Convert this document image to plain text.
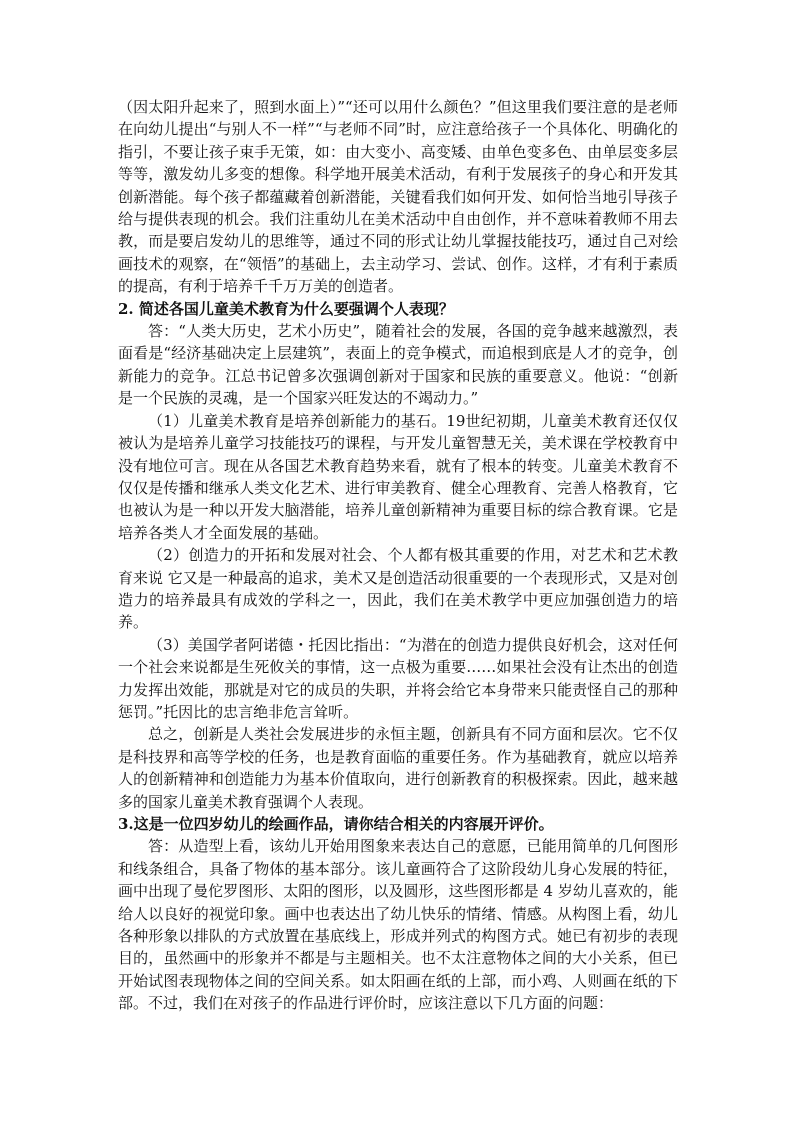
（因太阳升起来了，照到水面上）”“还可以用什么颜色？”但这里我们要注意的是老师在向幼儿提出“与别人不一样”“与老师不同”时，应注意给孩子一个具体化、明确化的指引，不要让孩子束手无策，如：由大变小、高变矮、由单色变多色、由单层变多层等等，激发幼儿多变的想像。科学地开展美术活动，有利于发展孩子的身心和开发其创新潜能。每个孩子都蕴藏着创新潜能，关键看我们如何开发、如何恰当地引导孩子给与提供表现的机会。我们注重幼儿在美术活动中自由创作，并不意味着教师不用去教，而是要启发幼儿的思维等，通过不同的形式让幼儿掌握技能技巧，通过自己对绘画技术的观察，在“领悟”的基础上，去主动学习、尝试、创作。这样，才有利于素质的提高，有利于培养千千万万美的创造者。

2. 简述各国儿童美术教育为什么要强调个人表现？

答：“人类大历史，艺术小历史”，随着社会的发展，各国的竞争越来越激烈，表面看是“经济基础决定上层建筑”，表面上的竞争模式，而追根到底是人才的竞争，创新能力的竞争。江总书记曾多次强调创新对于国家和民族的重要意义。他说：“创新是一个民族的灵魂，是一个国家兴旺发达的不竭动力。”

（1）儿童美术教育是培养创新能力的基石。19世纪初期，儿童美术教育还仅仅被认为是培养儿童学习技能技巧的课程，与开发儿童智慧无关，美术课在学校教育中没有地位可言。现在从各国艺术教育趋势来看，就有了根本的转变。儿童美术教育不仅仅是传播和继承人类文化艺术、进行审美教育、健全心理教育、完善人格教育，它也被认为是一种以开发大脑潜能，培养儿童创新精神为重要目标的综合教育课。它是培养各类人才全面发展的基础。

（2）创造力的开拓和发展对社会、个人都有极其重要的作用，对艺术和艺术教育来说 它又是一种最高的追求，美术又是创造活动很重要的一个表现形式，又是对创造力的培养最具有成效的学科之一，因此，我们在美术教学中更应加强创造力的培养。

（3）美国学者阿诺德・托因比指出：“为潜在的创造力提供良好机会，这对任何一个社会来说都是生死攸关的事情，这一点极为重要……如果社会没有让杰出的创造力发挥出效能，那就是对它的成员的失职，并将会给它本身带来只能责怪自己的那种惩罚。”托因比的忠言绝非危言耸听。

总之，创新是人类社会发展进步的永恒主题，创新具有不同方面和层次。它不仅是科技界和高等学校的任务，也是教育面临的重要任务。作为基础教育，就应以培养人的创新精神和创造能力为基本价值取向，进行创新教育的积极探索。因此，越来越多的国家儿童美术教育强调个人表现。

3.这是一位四岁幼儿的绘画作品，请你结合相关的内容展开评价。

答：从造型上看，该幼儿开始用图象来表达自己的意愿，已能用简单的几何图形和线条组合，具备了物体的基本部分。该儿童画符合了这阶段幼儿身心发展的特征，画中出现了曼佗罗图形、太阳的图形，以及圆形，这些图形都是 4 岁幼儿喜欢的，能给人以良好的视觉印象。画中也表达出了幼儿快乐的情绪、情感。从构图上看，幼儿各种形象以排队的方式放置在基底线上，形成并列式的构图方式。她已有初步的表现目的，虽然画中的形象并不都是与主题相关。也不太注意物体之间的大小关系，但已开始试图表现物体之间的空间关系。如太阳画在纸的上部，而小鸡、人则画在纸的下部。不过，我们在对孩子的作品进行评价时，应该注意以下几方面的问题：
